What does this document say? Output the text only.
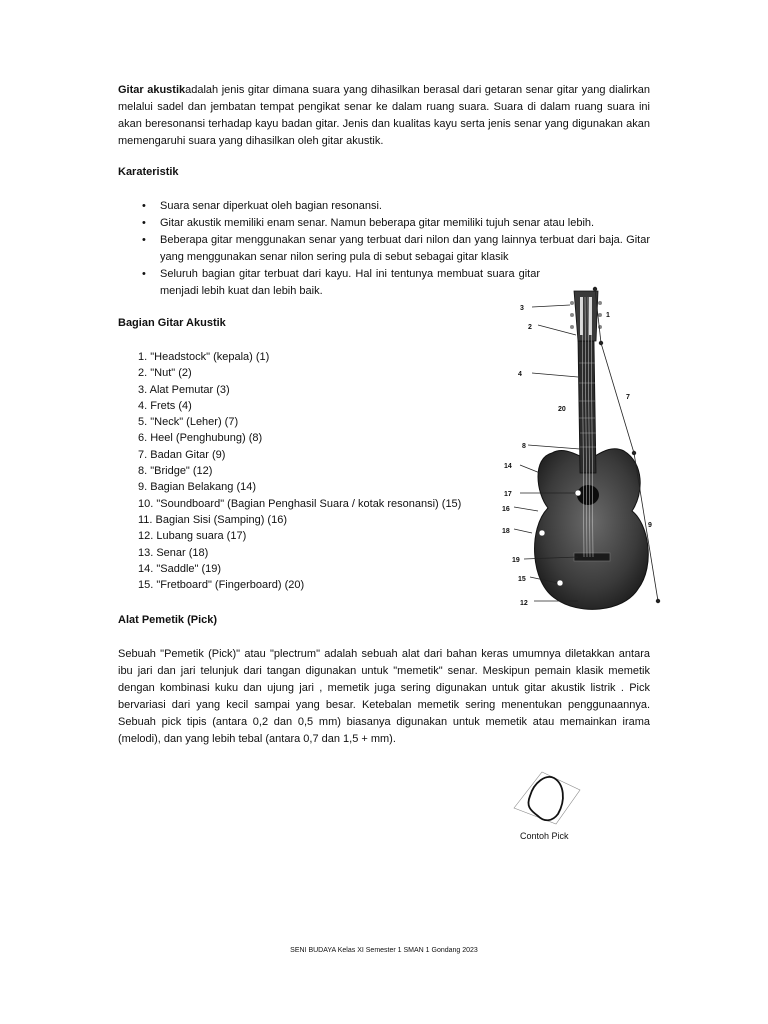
Gitar akustikadalah jenis gitar dimana suara yang dihasilkan berasal dari getaran senar gitar yang dialirkan melalui sadel dan jembatan tempat pengikat senar ke dalam ruang suara. Suara di dalam ruang suara ini akan beresonansi terhadap kayu badan gitar. Jenis dan kualitas kayu serta jenis senar yang digunakan akan memengaruhi suara yang dihasilkan oleh gitar akustik.

Karateristik
• Suara senar diperkuat oleh bagian resonansi.
• Gitar akustik memiliki enam senar. Namun beberapa gitar memiliki tujuh senar atau lebih.
• Beberapa gitar menggunakan senar yang terbuat dari nilon dan yang lainnya terbuat dari baja. Gitar yang menggunakan senar nilon sering pula di sebut sebagai gitar klasik
• Seluruh bagian gitar terbuat dari kayu. Hal ini tentunya membuat suara gitar menjadi lebih kuat dan lebih baik.
Bagian Gitar Akustik
1. "Headstock" (kepala) (1)
2. "Nut" (2)
3. Alat Pemutar (3)
4. Frets (4)
5. "Neck" (Leher) (7)
6. Heel (Penghubung) (8)
7. Badan Gitar (9)
8. "Bridge" (12)
9. Bagian Belakang (14)
10. "Soundboard" (Bagian Penghasil Suara / kotak resonansi) (15)
11. Bagian Sisi (Samping) (16)
12. Lubang suara (17)
13. Senar (18)
14. "Saddle" (19)
15. "Fretboard" (Fingerboard) (20)
Alat Pemetik (Pick)

Sebuah "Pemetik (Pick)" atau "plectrum" adalah sebuah alat dari bahan keras umumnya diletakkan antara ibu jari dan jari telunjuk dari tangan digunakan untuk "memetik" senar. Meskipun pemain klasik memetik dengan kombinasi kuku dan ujung jari , memetik juga sering digunakan untuk gitar akustik listrik . Pick bervariasi dari yang kecil sampai yang besar. Ketebalan memetik sering menentukan penggunaannya. Sebuah pick tipis (antara 0,2 dan 0,5 mm) biasanya digunakan untuk memetik atau memainkan irama (melodi), dan yang lebih tebal (antara 0,7 dan 1,5 + mm).

3
2
1
4
7
20
8
14
17
16
18
9
19
15
12
Contoh Pick
SENI BUDAYA Kelas XI Semester 1 SMAN 1 Gondang 2023
